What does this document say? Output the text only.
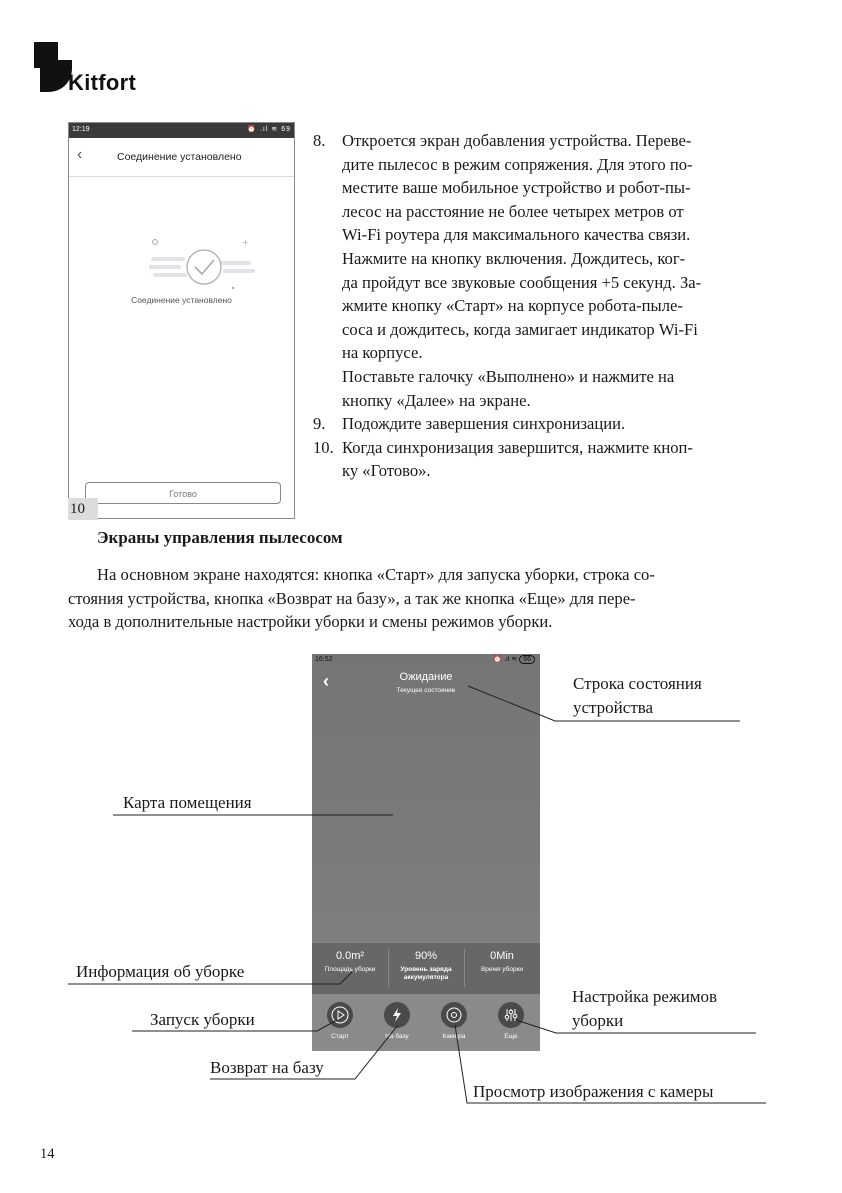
Kitfort
12:19	⏰ .ıl ≋ 69
‹	Соединение установлено
+
Соединение установлено
Готово
10
8. Откроется экран добавления устройства. Переве-
дите пылесос в режим сопряжения. Для этого по-
местите ваше мобильное устройство и робот-пы-
лесос на расстояние не более четырех метров от
Wi-Fi роутера для максимального качества связи.
Нажмите на кнопку включения. Дождитесь, ког-
да пройдут все звуковые сообщения +5 секунд. За-
жмите кнопку «Старт» на корпусе робота-пыле-
соса и дождитесь, когда замигает индикатор Wi-Fi
на корпусе.
Поставьте галочку «Выполнено» и нажмите на
кнопку «Далее» на экране.
9. Подождите завершения синхронизации.
10. Когда синхронизация завершится, нажмите кноп-
ку «Готово».
Экраны управления пылесосом
На основном экране находятся: кнопка «Старт» для запуска уборки, строка со-
стояния устройства, кнопка «Возврат на базу», а так же кнопка «Еще» для пере-
хода в дополнительные настройки уборки и смены режимов уборки.
16:52	⏰ .ıl ≋ 66
‹	Ожидание
Текущее состояние
0.0m²
Площадь уборки
90%
Уровень заряда аккумулятора
0Min
Время уборки
Старт	На базу	Камера	Еще
Строка состояния
устройства
Карта помещения
Информация об уборке
Настройка режимов
уборки
Запуск уборки
Возврат на базу
Просмотр изображения с камеры
14
